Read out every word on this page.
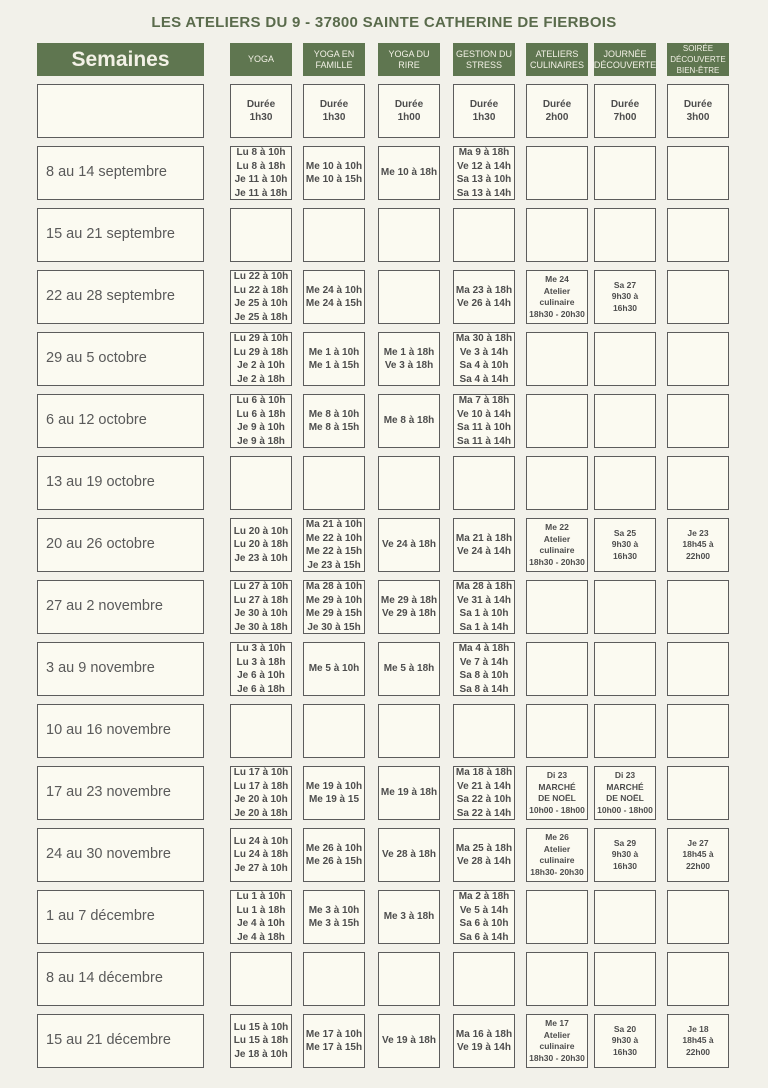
LES ATELIERS DU 9 - 37800 SAINTE CATHERINE DE FIERBOIS
Semaines	YOGA
YOGA EN FAMILLE
YOGA DU RIRE
GESTION DU STRESS
ATELIERS CULINAIRES
JOURNÉE DÉCOUVERTE
SOIRÉE DÉCOUVERTE BIEN-ÊTRE
Durée
1h30
Durée
1h30
Durée
1h00
Durée
1h30
Durée
2h00
Durée
7h00
Durée
3h00
8 au 14 septembre
Lu 8 à 10h
Lu 8 à 18h
Je 11 à 10h
Je 11 à 18h
Me 10 à 10h
Me 10 à 15h
Me 10 à 18h
Ma 9 à 18h
Ve 12 à 14h
Sa 13 à 10h
Sa 13 à 14h
15 au 21 septembre
22 au 28 septembre
Lu 22 à 10h
Lu 22 à 18h
Je 25 à 10h
Je 25 à 18h
Me 24 à 10h
Me 24 à 15h
Ma 23 à 18h
Ve 26 à 14h
Me 24
Atelier
culinaire
18h30 - 20h30
Sa 27
9h30 à
16h30
29 au 5 octobre
Lu 29 à 10h
Lu 29 à 18h
Je 2 à 10h
Je 2 à 18h
Me 1 à 10h
Me 1 à 15h
Me 1 à 18h
Ve 3 à 18h
Ma 30 à 18h
Ve 3 à 14h
Sa 4 à 10h
Sa 4 à 14h
6 au 12 octobre
Lu 6 à 10h
Lu 6 à 18h
Je 9 à 10h
Je 9 à 18h
Me 8 à 10h
Me 8 à 15h
Me 8 à 18h
Ma 7 à 18h
Ve 10 à 14h
Sa 11 à 10h
Sa 11 à 14h
13 au 19 octobre
20 au 26 octobre
Lu 20 à 10h
Lu 20 à 18h
Je 23 à 10h
Ma 21 à 10h
Me 22 à 10h
Me 22 à 15h
Je 23 à 15h
Ve 24 à 18h
Ma 21 à 18h
Ve 24 à 14h
Me 22
Atelier
culinaire
18h30 - 20h30
Sa 25
9h30 à
16h30
Je 23
18h45 à
22h00
27 au 2 novembre
Lu 27 à 10h
Lu 27 à 18h
Je 30 à 10h
Je 30 à 18h
Ma 28 à 10h
Me 29 à 10h
Me 29 à 15h
Je 30 à 15h
Me 29 à 18h
Ve 29 à 18h
Ma 28 à 18h
Ve 31 à 14h
Sa 1 à 10h
Sa 1 à 14h
3 au 9 novembre
Lu 3 à 10h
Lu 3 à 18h
Je 6 à 10h
Je 6 à 18h
Me 5 à 10h	Me 5 à 18h
Ma 4 à 18h
Ve 7 à 14h
Sa 8 à 10h
Sa 8 à 14h
10 au 16 novembre
17 au 23 novembre
Lu 17 à 10h
Lu 17 à 18h
Je 20 à 10h
Je 20 à 18h
Me 19 à 10h
Me 19 à 15
Me 19 à 18h
Ma 18 à 18h
Ve 21 à 14h
Sa 22 à 10h
Sa 22 à 14h
Di 23
MARCHÉ
DE NOËL
10h00 - 18h00
Di 23
MARCHÉ
DE NOËL
10h00 - 18h00
24 au 30 novembre
Lu 24 à 10h
Lu 24 à 18h
Je 27 à 10h
Me 26 à 10h
Me 26 à 15h
Ve 28 à 18h
Ma 25 à 18h
Ve 28 à 14h
Me 26
Atelier
culinaire
18h30- 20h30
Sa 29
9h30 à
16h30
Je 27
18h45 à
22h00
1 au 7 décembre
Lu 1 à 10h
Lu 1 à 18h
Je 4 à 10h
Je 4 à 18h
Me 3 à 10h
Me 3 à 15h
Me 3 à 18h
Ma 2 à 18h
Ve 5 à 14h
Sa 6 à 10h
Sa 6 à 14h
8 au 14 décembre
15 au 21 décembre
Lu 15 à 10h
Lu 15 à 18h
Je 18 à 10h
Me 17 à 10h
Me 17 à 15h
Ve 19 à 18h
Ma 16 à 18h
Ve 19 à 14h
Me 17
Atelier
culinaire
18h30 - 20h30
Sa 20
9h30 à
16h30
Je 18
18h45 à
22h00
